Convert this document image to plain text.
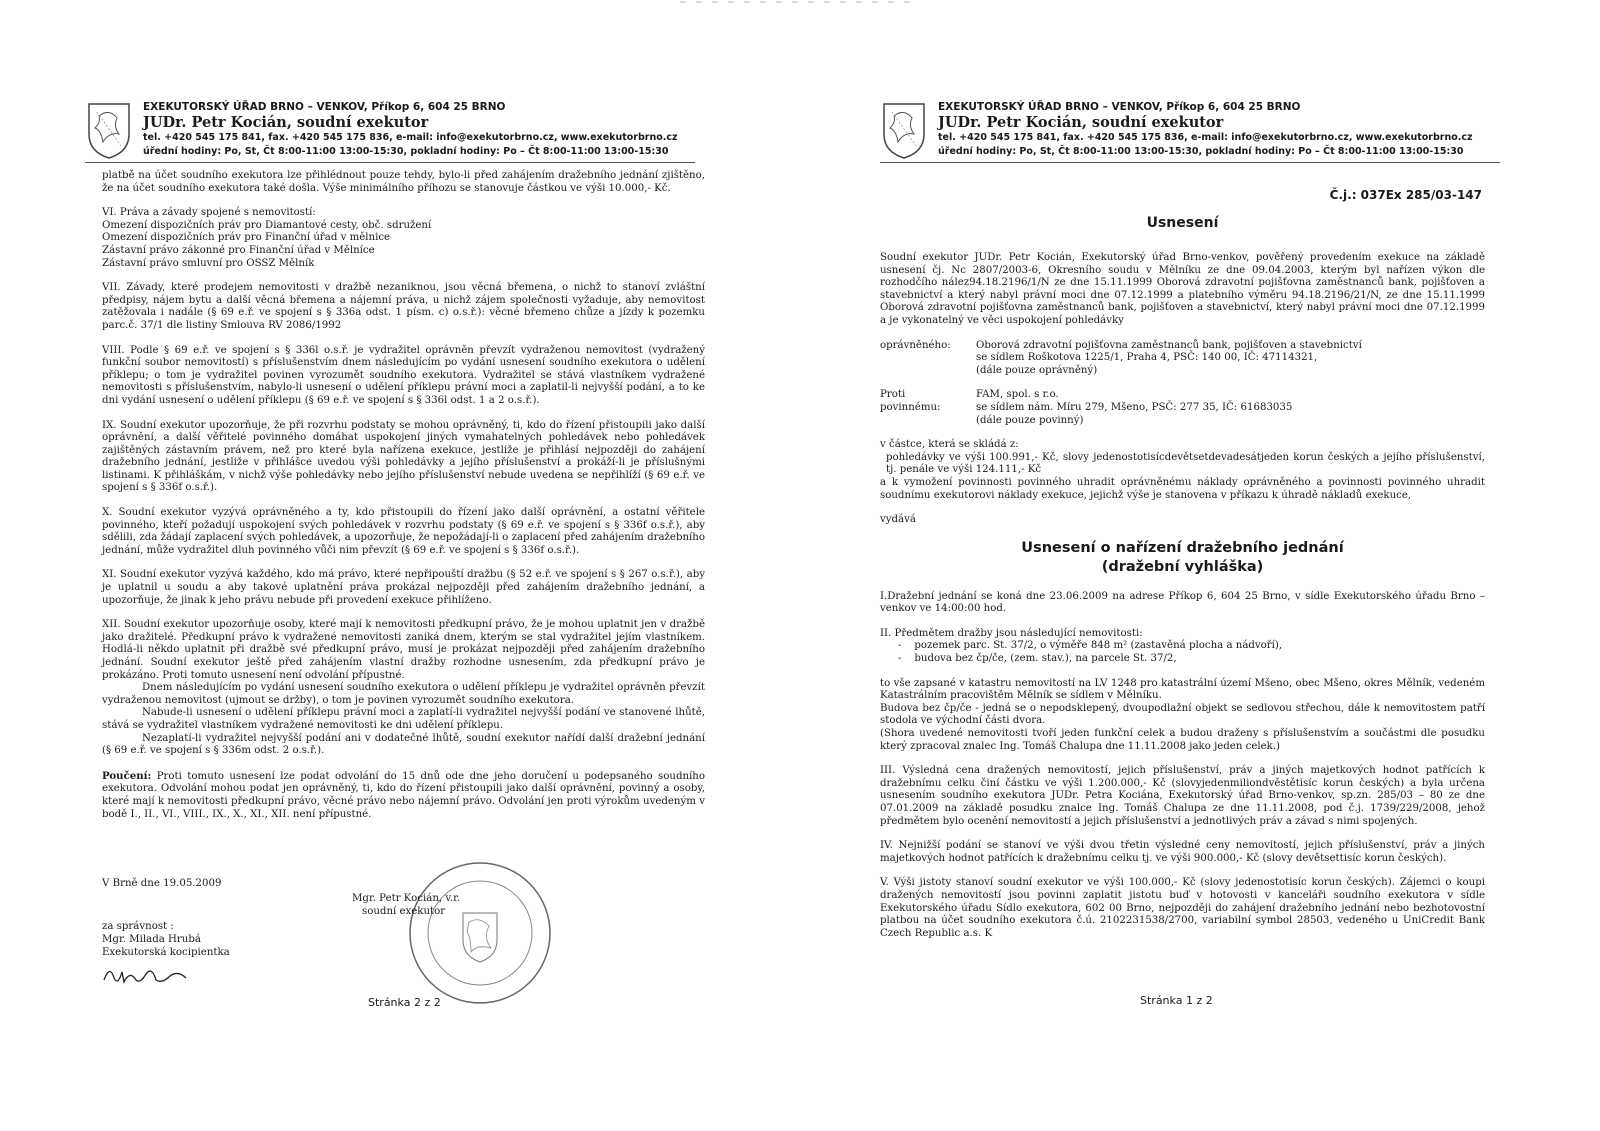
EXEKUTORSKÝ ÚŘAD BRNO – VENKOV, Příkop 6, 604 25 BRNO
JUDr. Petr Kocián, soudní exekutor
tel. +420 545 175 841, fax. +420 545 175 836, e-mail: info@exekutorbrno.cz, www.exekutorbrno.cz
úřední hodiny: Po, St, Čt 8:00-11:00 13:00-15:30, pokladní hodiny: Po – Čt 8:00-11:00 13:00-15:30

platbě na účet soudního exekutora lze přihlédnout pouze tehdy, bylo-li před zahájením dražebního jednání zjištěno, že na účet soudního exekutora také došla. Výše minimálního příhozu se stanovuje částkou ve výši 10.000,- Kč.

VI. Práva a závady spojené s nemovitostí:

Omezení dispozičních práv pro Diamantové cesty, obč. sdružení
Omezení dispozičních práv pro Finanční úřad v mělnice
Zástavní právo zákonné pro Finanční úřad v Mělníce

Zástavní právo smluvní pro OSSZ Mělník

VII. Závady, které prodejem nemovitosti v dražbě nezaniknou, jsou věcná břemena, o nichž to stanoví zvláštní předpisy, nájem bytu a další věcná břemena a nájemní práva, u nichž zájem společnosti vyžaduje, aby nemovitost zatěžovala i nadále (§ 69 e.ř. ve spojení s § 336a odst. 1 písm. c) o.s.ř.): věcné břemeno chůze a jízdy k pozemku parc.č. 37/1 dle listiny Smlouva RV 2086/1992

VIII. Podle § 69 e.ř. ve spojení s § 336l o.s.ř. je vydražitel oprávněn převzít vydraženou nemovitost (vydražený funkční soubor nemovitostí) s příslušenstvím dnem následujícím po vydání usnesení soudního exekutora o udělení příklepu; o tom je vydražitel povinen vyrozumět soudního exekutora. Vydražitel se stává vlastníkem vydražené nemovitosti s příslušenstvím, nabylo-li usnesení o udělení příklepu právní moci a zaplatil-li nejvyšší podání, a to ke dni vydání usnesení o udělení příklepu (§ 69 e.ř. ve spojení s § 336l odst. 1 a 2 o.s.ř.).

IX. Soudní exekutor upozorňuje, že při rozvrhu podstaty se mohou oprávněný, ti, kdo do řízení přistoupili jako další oprávnění, a další věřitelé povinného domáhat uspokojení jiných vymahatelných pohledávek nebo pohledávek zajištěných zástavním právem, než pro které byla nařízena exekuce, jestliže je přihlásí nejpozději do zahájení dražebního jednání, jestliže v přihlášce uvedou výši pohledávky a jejího příslušenství a prokáží-li je příslušnými listinami. K přihláškám, v nichž výše pohledávky nebo jejího příslušenství nebude uvedena se nepřihlíží (§ 69 e.ř. ve spojení s § 336f o.s.ř.).

X. Soudní exekutor vyzývá oprávněného a ty, kdo přistoupili do řízení jako další oprávnění, a ostatní věřitele povinného, kteří požadují uspokojení svých pohledávek v rozvrhu podstaty (§ 69 e.ř. ve spojení s § 336f o.s.ř.), aby sdělili, zda žádají zaplacení svých pohledávek, a upozorňuje, že nepožádají-li o zaplacení před zahájením dražebního jednání, může vydražitel dluh povinného vůči nim převzít (§ 69 e.ř. ve spojení s § 336f o.s.ř.).

XI. Soudní exekutor vyzývá každého, kdo má právo, které nepřipouští dražbu (§ 52 e.ř. ve spojení s § 267 o.s.ř.), aby je uplatnil u soudu a aby takové uplatnění práva prokázal nejpozději před zahájením dražebního jednání, a upozorňuje, že jinak k jeho právu nebude při provedení exekuce přihlíženo.

XII. Soudní exekutor upozorňuje osoby, které mají k nemovitosti předkupní právo, že je mohou uplatnit jen v dražbě jako dražitelé. Předkupní právo k vydražené nemovitosti zaniká dnem, kterým se stal vydražitel jejím vlastníkem. Hodlá-li někdo uplatnit při dražbě své předkupní právo, musí je prokázat nejpozději před zahájením dražebního jednání. Soudní exekutor ještě před zahájením vlastní dražby rozhodne usnesením, zda předkupní právo je prokázáno. Proti tomuto usnesení není odvolání přípustné.

Dnem následujícím po vydání usnesení soudního exekutora o udělení příklepu je vydražitel oprávněn převzít vydraženou nemovitost (ujmout se držby), o tom je povinen vyrozumět soudního exekutora.

Nabude-li usnesení o udělení příklepu právní moci a zaplatí-li vydražitel nejvyšší podání ve stanovené lhůtě, stává se vydražitel vlastníkem vydražené nemovitosti ke dni udělení příklepu.

Nezaplatí-li vydražitel nejvyšší podání ani v dodatečné lhůtě, soudní exekutor nařídí další dražební jednání (§ 69 e.ř. ve spojení s § 336m odst. 2 o.s.ř.).

Poučení: Proti tomuto usnesení lze podat odvolání do 15 dnů ode dne jeho doručení u podepsaného soudního exekutora. Odvolání mohou podat jen oprávněný, ti, kdo do řízení přistoupili jako další oprávnění, povinný a osoby, které mají k nemovitosti předkupní právo, věcné právo nebo nájemní právo. Odvolání jen proti výrokům uvedeným v bodě I., II., VI., VIII., IX., X., XI., XII. není přípustné.

V Brně dne 19.05.2009
Mgr. Petr Kocián, v.r.
soudní exekutor
za správnost :
Mgr. Milada Hrubá
Exekutorská kocipientka
Stránka 2 z 2
EXEKUTORSKÝ ÚŘAD BRNO – VENKOV, Příkop 6, 604 25 BRNO
JUDr. Petr Kocián, soudní exekutor
tel. +420 545 175 841, fax. +420 545 175 836, e-mail: info@exekutorbrno.cz, www.exekutorbrno.cz
úřední hodiny: Po, St, Čt 8:00-11:00 13:00-15:30, pokladní hodiny: Po – Čt 8:00-11:00 13:00-15:30
Č.j.: 037Ex 285/03-147
Usnesení

Soudní exekutor JUDr. Petr Kocián, Exekutorský úřad Brno-venkov, pověřený provedením exekuce na základě usnesení čj. Nc 2807/2003-6, Okresního soudu v Mělníku ze dne 09.04.2003, kterým byl nařízen výkon dle rozhodčího nález94.18.2196/1/N ze dne 15.11.1999 Oborová zdravotní pojišťovna zaměstnanců bank, pojišťoven a stavebnictví a který nabyl právní moci dne 07.12.1999 a platebního výměru 94.18.2196/21/N, ze dne 15.11.1999 Oborová zdravotní pojišťovna zaměstnanců bank, pojišťoven a stavebnictví, který nabyl právní moci dne 07.12.1999 a je vykonatelný ve věci uspokojení pohledávky

oprávněného:	Oborová zdravotní pojišťovna zaměstnanců bank, pojišťoven a stavebnictví
se sídlem Roškotova 1225/1, Praha 4, PSČ: 140 00, IČ: 47114321,
(dále pouze oprávněný)
Proti
povinnému:
FAM, spol. s r.o.
se sídlem nám. Míru 279, Mšeno, PSČ: 277 35, IČ: 61683035
(dále pouze povinný)

v částce, která se skládá z:

pohledávky ve výši 100.991,- Kč, slovy jedenostotisícdevětsetdevadesátjeden korun českých a jejího příslušenství, tj. penále ve výši 124.111,- Kč

a k vymožení povinnosti povinného uhradit oprávněnému náklady oprávněného a povinnosti povinného uhradit soudnímu exekutorovi náklady exekuce, jejichž výše je stanovena v příkazu k úhradě nákladů exekuce,

vydává

Usnesení o nařízení dražebního jednání
(dražební vyhláška)

I.Dražební jednání se koná dne 23.06.2009 na adrese Příkop 6, 604 25 Brno, v sídle Exekutorského úřadu Brno – venkov ve 14:00:00 hod.

II. Předmětem dražby jsou následující nemovitosti:

-    pozemek parc. St. 37/2, o výměře 848 m² (zastavěná plocha a nádvoří),

-    budova bez čp/če, (zem. stav.), na parcele St. 37/2,

to vše zapsané v katastru nemovitostí na LV 1248 pro katastrální území Mšeno, obec Mšeno, okres Mělník, vedeném Katastrálním pracovištěm Mělník se sídlem v Mělníku.

Budova bez čp/če - jedná se o nepodsklepený, dvoupodlažní objekt se sedlovou střechou, dále k nemovitostem patří stodola ve východní části dvora.

(Shora uvedené nemovitosti tvoří jeden funkční celek a budou draženy s příslušenstvím a součástmi dle posudku který zpracoval znalec Ing. Tomáš Chalupa dne 11.11.2008 jako jeden celek.)

III. Výsledná cena dražených nemovitostí, jejich příslušenství, práv a jiných majetkových hodnot patřících k dražebnímu celku činí částku ve výši 1.200.000,- Kč (slovyjedenmiliondvěstětisíc korun českých) a byla určena usnesením soudního exekutora JUDr. Petra Kociána, Exekutorský úřad Brno-venkov, sp.zn. 285/03 – 80 ze dne 07.01.2009 na základě posudku znalce Ing. Tomáš Chalupa ze dne 11.11.2008, pod č.j. 1739/229/2008, jehož předmětem bylo ocenění nemovitostí a jejich příslušenství a jednotlivých práv a závad s nimi spojených.

IV. Nejnižší podání se stanoví ve výši dvou třetin výsledné ceny nemovitostí, jejich příslušenství, práv a jiných majetkových hodnot patřících k dražebnímu celku tj. ve výši 900.000,- Kč (slovy devětsettisíc korun českých).

V. Výši jistoty stanoví soudní exekutor ve výši 100.000,- Kč (slovy jedenostotisíc korun českých). Zájemci o koupi dražených nemovitostí jsou povinni zaplatit jistotu buď v hotovosti v kanceláři soudního exekutora v sídle Exekutorského úřadu Sídlo exekutora, 602 00 Brno, nejpozději do zahájení dražebního jednání nebo bezhotovostní platbou na účet soudního exekutora č.ú. 2102231538/2700, variabilní symbol 28503, vedeného u UniCredit Bank Czech Republic a.s. K

Stránka 1 z 2
